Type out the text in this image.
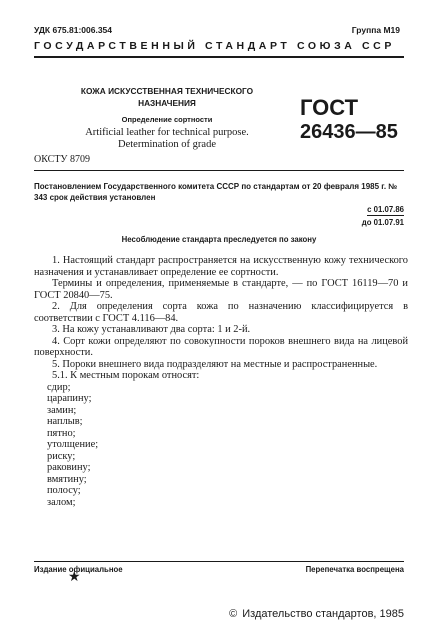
УДК 675.81:006.354	Группа М19
ГОСУДАРСТВЕННЫЙ СТАНДАРТ СОЮЗА ССР
КОЖА ИСКУССТВЕННАЯ ТЕХНИЧЕСКОГО
НАЗНАЧЕНИЯ
Определение сортности
Artificial leather for technical purpose.
Determination of grade
ГОСТ
26436—85
ОКСТУ 8709
Постановлением Государственного комитета СССР по стандартам от 20 февраля 1985 г. № 343 срок действия установлен
с 01.07.86
до 01.07.91
Несоблюдение стандарта преследуется по закону

1. Настоящий стандарт распространяется на искусственную кожу технического назначения и устанавливает определение ее сортности.

Термины и определения, применяемые в стандарте, — по ГОСТ 16119—70 и ГОСТ 20840—75.

2. Для определения сорта кожа по назначению классифицируется в соответствии с ГОСТ 4.116—84.

3. На кожу устанавливают два сорта: 1 и 2-й.

4. Сорт кожи определяют по совокупности пороков внешнего вида на лицевой поверхности.

5. Пороки внешнего вида подразделяют на местные и распространенные.

5.1. К местным порокам относят:

сдир;

царапину;

замин;

наплыв;

пятно;

утолщение;

риску;

раковину;

вмятину;

полосу;

залом;

Издание официальное
★
Перепечатка воспрещена
© Издательство стандартов, 1985
